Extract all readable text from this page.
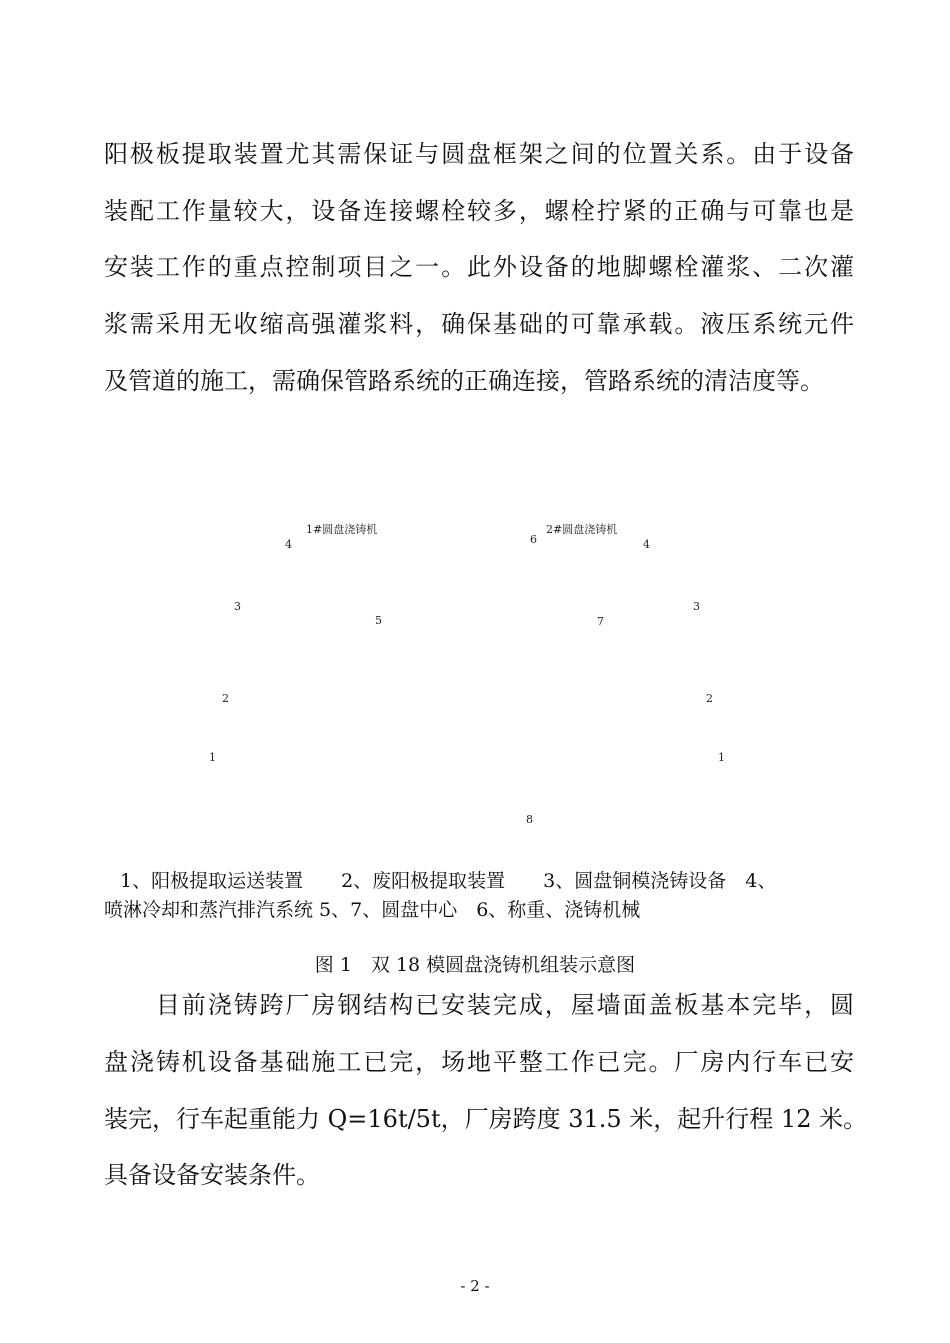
阳极板提取装置尤其需保证与圆盘框架之间的位置关系。由于设备
装配工作量较大，设备连接螺栓较多，螺栓拧紧的正确与可靠也是
安装工作的重点控制项目之一。此外设备的地脚螺栓灌浆、二次灌
浆需采用无收缩高强灌浆料，确保基础的可靠承载。液压系统元件
及管道的施工，需确保管路系统的正确连接，管路系统的清洁度等。
1#圆盘浇铸机	2#圆盘浇铸机
4
3
5
2
1
6	4
3
7
2
1
8
1、阳极提取运送装置　　2、废阳极提取装置　　3、圆盘铜模浇铸设备　4、
喷淋冷却和蒸汽排汽系统 5、7、圆盘中心　6、称重、浇铸机械
图 1　双 18 模圆盘浇铸机组装示意图
　　目前浇铸跨厂房钢结构已安装完成，屋墙面盖板基本完毕，圆
盘浇铸机设备基础施工已完，场地平整工作已完。厂房内行车已安
装完，行车起重能力 Q=16t/5t，厂房跨度 31.5 米，起升行程 12 米。
具备设备安装条件。
- 2 -
